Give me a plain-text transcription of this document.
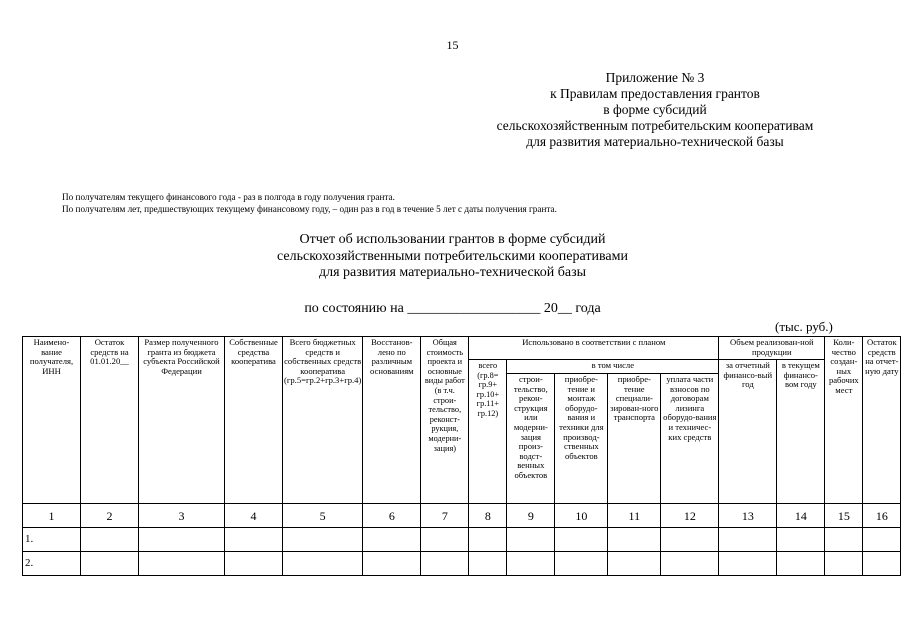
15
Приложение № 3
к Правилам предоставления грантов
в форме субсидий
сельскохозяйственным потребительским кооперативам
для развития материально-технической базы
По получателям текущего финансового года - раз в полгода в году получения гранта.
По получателям лет, предшествующих текущему финансовому году, – один раз в год в течение 5 лет с даты получения гранта.
Отчет об использовании грантов в форме субсидий
сельскохозяйственными потребительскими кооперативами
для развития материально-технической базы
по состоянию на ___________________ 20__ года
(тыс. руб.)
Наимено-вание получателя, ИНН	Остаток средств на 01.01.20__	Размер полученного гранта из бюджета субъекта Российской Федерации	Собственные средства кооператива	Всего бюджетных средств и собственных средств кооператива (гр.5=гр.2+гр.3+гр.4)	Восстанов-лено по различным основаниям	Общая стоимость проекта и основные виды работ (в т.ч. строи-тельство, реконст-рукция, модерни-зация)	Использовано в соответствии с планом					Объем реализован-ной продукции		Коли-чество создан-ных рабочих мест	Остаток средств на отчет-ную дату
							всего (гр.8= гр.9+ гр.10+ гр.11+ гр.12)	в том числе				за отчетный финансо-вый год	в текущем финансо-вом году		
								строи-тельство, рекон-струкция или модерни-зация произ-водст-венных объектов	приобре-тение и монтаж оборудо-вания и техники для производ-ственных объектов	приобре-тение специали-зирован-ного транспорта	уплата части взносов по договорам лизинга оборудо-вания и техничес-ких средств				
1	2	3	4	5	6	7	8	9	10	11	12	13	14	15	16
1.															
2.															
